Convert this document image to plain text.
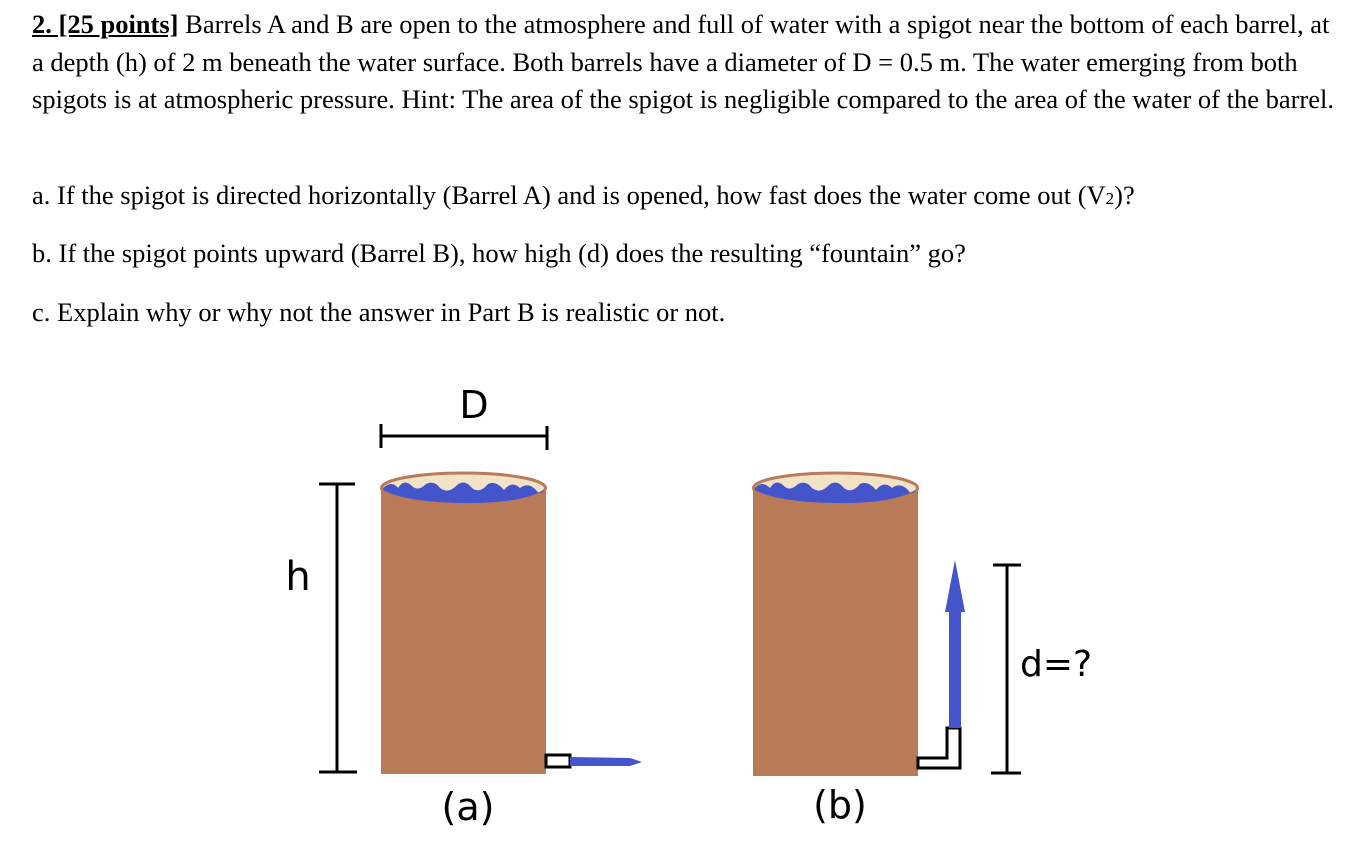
2. [25 points] Barrels A and B are open to the atmosphere and full of water with a spigot near the bottom of each barrel, at a depth (h) of 2 m beneath the water surface. Both barrels have a diameter of D = 0.5 m. The water emerging from both spigots is at atmospheric pressure. Hint: The area of the spigot is negligible compared to the area of the water of the barrel.
a. If the spigot is directed horizontally (Barrel A) and is opened, how fast does the water come out (V2)?
b. If the spigot points upward (Barrel B), how high (d) does the resulting “fountain” go?
c. Explain why or why not the answer in Part B is realistic or not.
D
h
(a)
d=?
(b)
